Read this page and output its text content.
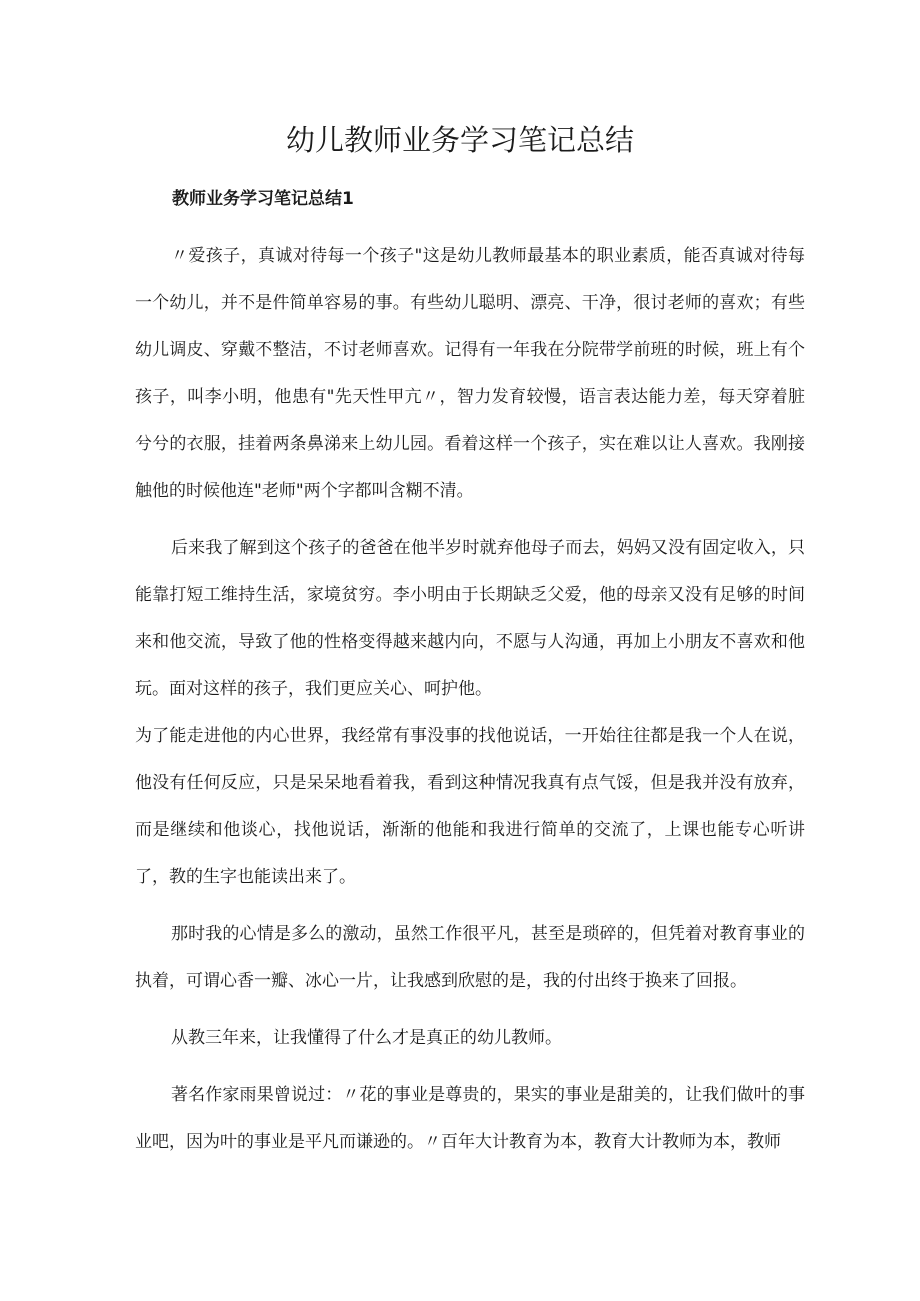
幼儿教师业务学习笔记总结
教师业务学习笔记总结1

〃爱孩子，真诚对待每一个孩子"这是幼儿教师最基本的职业素质，能否真诚对待每一个幼儿，并不是件简单容易的事。有些幼儿聪明、漂亮、干净，很讨老师的喜欢；有些幼儿调皮、穿戴不整洁，不讨老师喜欢。记得有一年我在分院带学前班的时候，班上有个孩子，叫李小明，他患有"先天性甲亢〃，智力发育较慢，语言表达能力差，每天穿着脏兮兮的衣服，挂着两条鼻涕来上幼儿园。看着这样一个孩子，实在难以让人喜欢。我刚接触他的时候他连"老师"两个字都叫含糊不清。

后来我了解到这个孩子的爸爸在他半岁时就弃他母子而去，妈妈又没有固定收入，只能靠打短工维持生活，家境贫穷。李小明由于长期缺乏父爱，他的母亲又没有足够的时间来和他交流，导致了他的性格变得越来越内向，不愿与人沟通，再加上小朋友不喜欢和他玩。面对这样的孩子，我们更应关心、呵护他。

为了能走进他的内心世界，我经常有事没事的找他说话，一开始往往都是我一个人在说，他没有任何反应，只是呆呆地看着我，看到这种情况我真有点气馁，但是我并没有放弃，而是继续和他谈心，找他说话，渐渐的他能和我进行简单的交流了，上课也能专心听讲了，教的生字也能读出来了。

那时我的心情是多么的激动，虽然工作很平凡，甚至是琐碎的，但凭着对教育事业的执着，可谓心香一瓣、冰心一片，让我感到欣慰的是，我的付出终于换来了回报。

从教三年来，让我懂得了什么才是真正的幼儿教师。

著名作家雨果曾说过：〃花的事业是尊贵的，果实的事业是甜美的，让我们做叶的事业吧，因为叶的事业是平凡而谦逊的。〃百年大计教育为本，教育大计教师为本，教师
